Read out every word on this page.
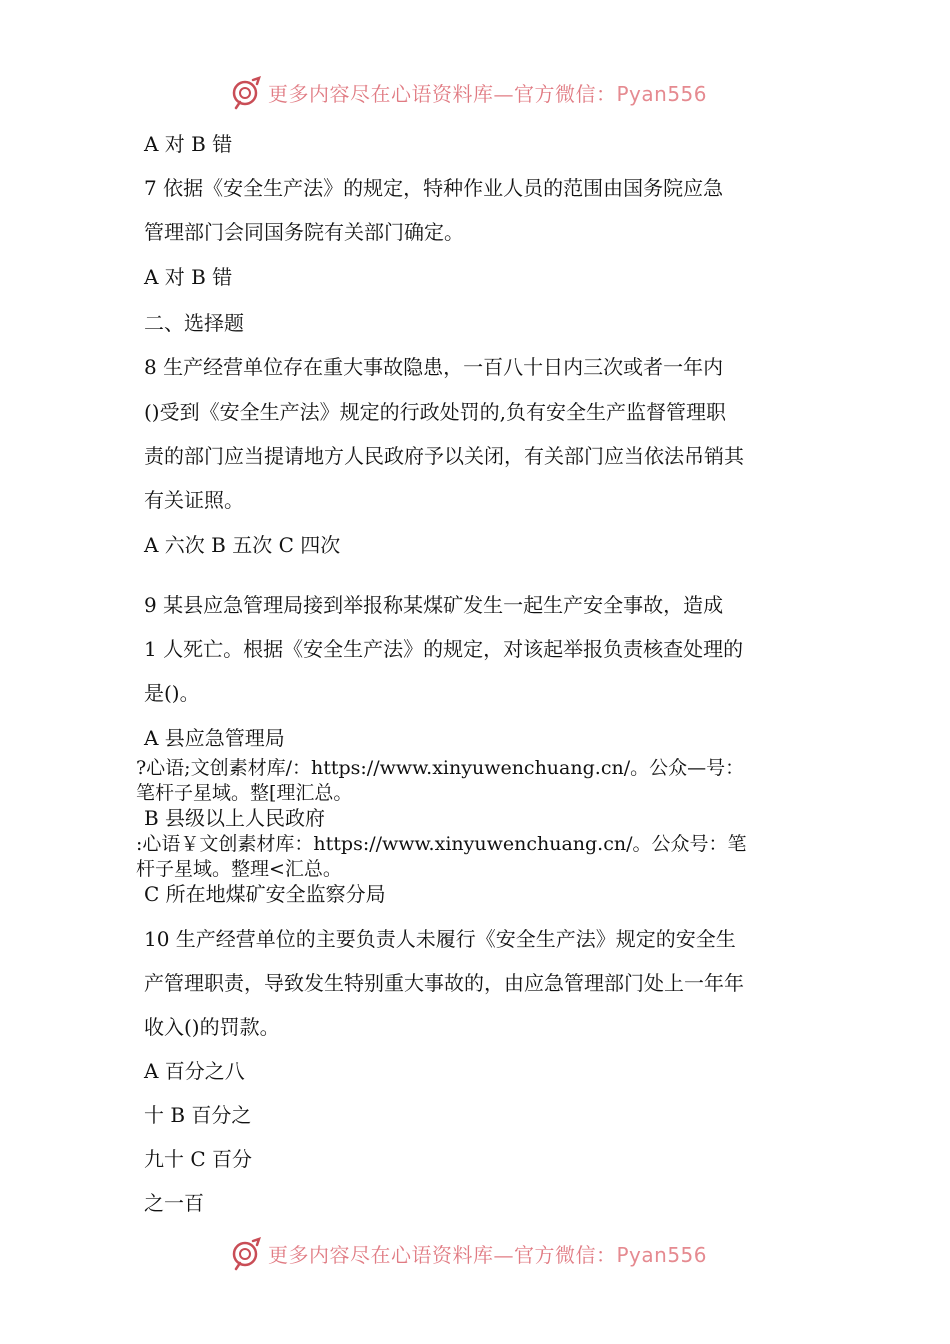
更多内容尽在心语资料库—官方微信：Pyan556
A 对 B 错
7 依据《安全生产法》的规定，特种作业人员的范围由国务院应急
管理部门会同国务院有关部门确定。
A 对 B 错
二、选择题
8 生产经营单位存在重大事故隐患，一百八十日内三次或者一年内
()受到《安全生产法》规定的行政处罚的,负有安全生产监督管理职
责的部门应当提请地方人民政府予以关闭，有关部门应当依法吊销其
有关证照。
A 六次 B 五次 C 四次
9 某县应急管理局接到举报称某煤矿发生一起生产安全事故，造成
1 人死亡。根据《安全生产法》的规定，对该起举报负责核查处理的
是()。
A 县应急管理局
?心语;文创素材库/：https://www.xinyuwenchuang.cn/。公众—号：
笔杆子星域。整[理汇总。
B 县级以上人民政府
:心语￥文创素材库：https://www.xinyuwenchuang.cn/。公众号：笔
杆子星域。整理<汇总。
C 所在地煤矿安全监察分局
10 生产经营单位的主要负责人未履行《安全生产法》规定的安全生
产管理职责，导致发生特别重大事故的，由应急管理部门处上一年年
收入()的罚款。
A 百分之八
十 B 百分之
九十 C 百分
之一百
更多内容尽在心语资料库—官方微信：Pyan556
